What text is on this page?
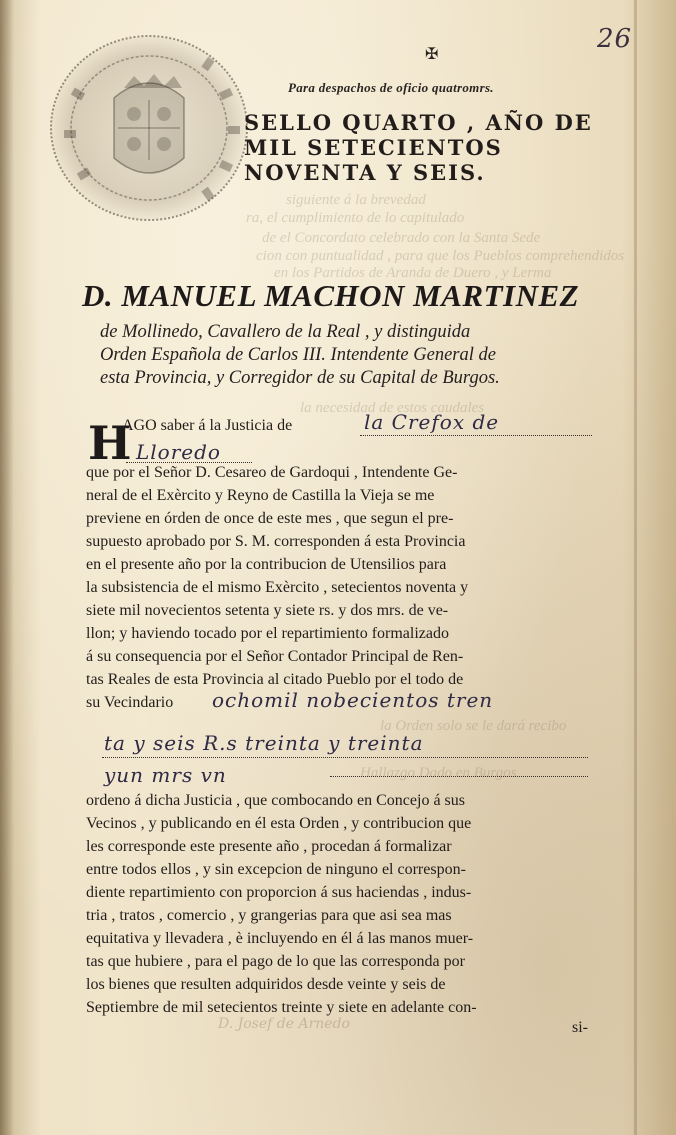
siguiente á la brevedad
ra, el cumplimiento de lo capitulado
de el Concordato celebrado con la Santa Sede
cion con puntualidad , para que los Pueblos comprehendidos
en los Partidos de Aranda de Duero , y Lerma
la necesidad de estos caudales
la Orden solo se le dará recibo
Hallazgo Dado en Burgos
D. Josef de Arnedo
26
✠
Para despachos de oficio quatromrs.
SELLO QUARTO , AÑO DE MIL SETECIENTOS NOVENTA Y SEIS.
D. MANUEL MACHON MARTINEZ
de Mollinedo, Cavallero de la Real , y distinguida
Orden Española de Carlos III. Intendente General de
esta Provincia, y Corregidor de su Capital de Burgos.
H
AGO saber á la Justicia de	la Crefox de
Lloredo
que por el Señor D. Cesareo de Gardoqui , Intendente Ge-
neral de el Exèrcito y Reyno de Castilla la Vieja se me
previene en órden de once de este mes , que segun el pre-
supuesto aprobado por S. M. corresponden á esta Provincia
en el presente año por la contribucion de Utensilios para
la subsistencia de el mismo Exèrcito , setecientos noventa y
siete mil novecientos setenta y siete rs. y dos mrs. de ve-
llon; y haviendo tocado por el repartimiento formalizado
á su consequencia por el Señor Contador Principal de Ren-
tas Reales de esta Provincia al citado Pueblo por el todo de
su Vecindario ochomil nobecientos tren
ta y seis R.s treinta y treinta
yun mrs vn
ordeno á dicha Justicia , que combocando en Concejo á sus
Vecinos , y publicando en él esta Orden , y contribucion que
les corresponde este presente año , procedan á formalizar
entre todos ellos , y sin excepcion de ninguno el correspon-
diente repartimiento con proporcion á sus haciendas , indus-
tria , tratos , comercio , y grangerias para que asi sea mas
equitativa y llevadera , è incluyendo en él á las manos muer-
tas que hubiere , para el pago de lo que las corresponda por
los bienes que resulten adquiridos desde veinte y seis de
Septiembre de mil setecientos treinte y siete en adelante con-
si-
